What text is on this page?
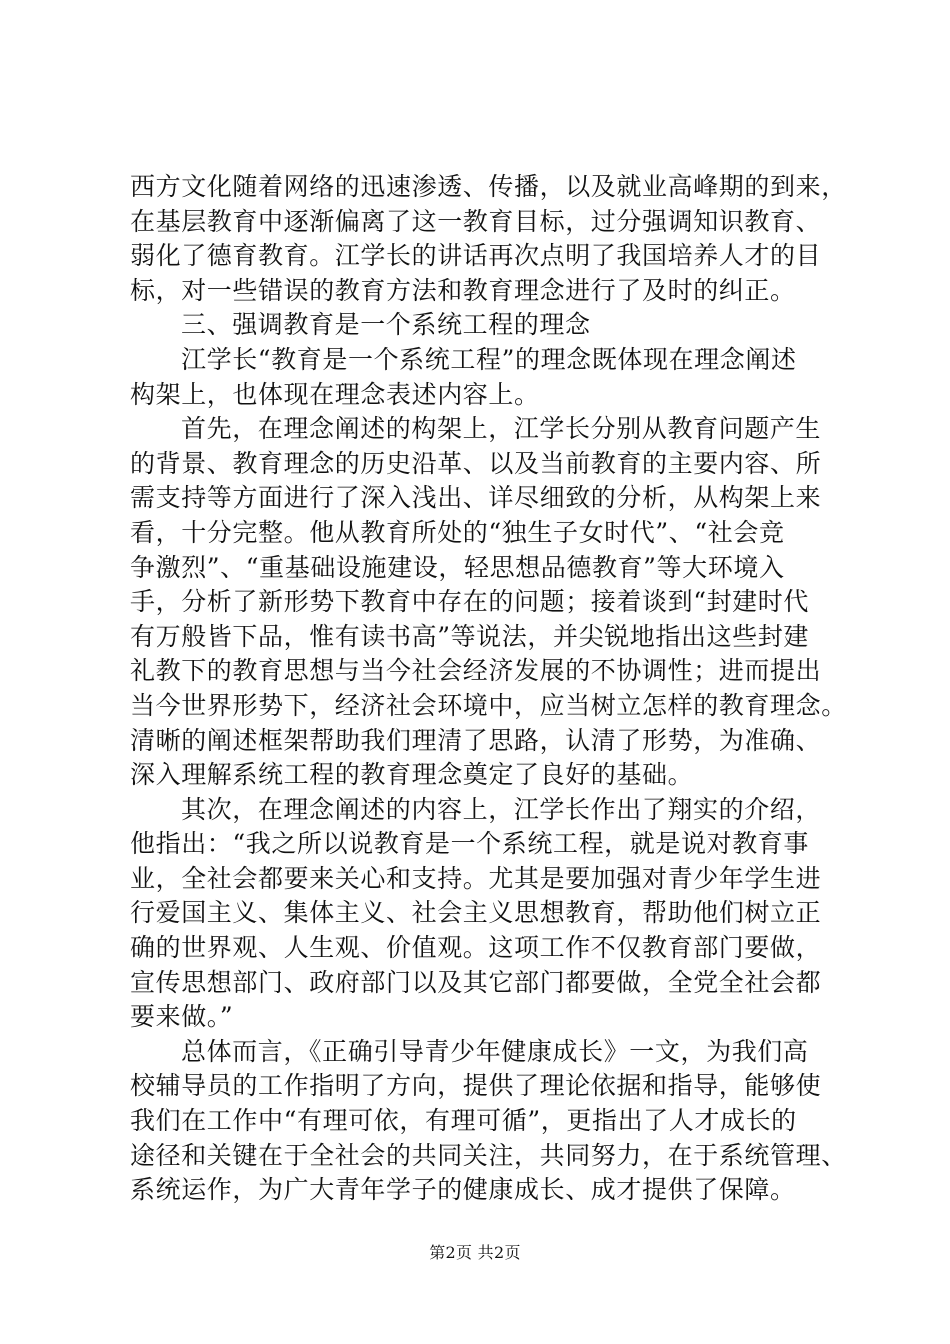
西方文化随着网络的迅速渗透、传播，以及就业高峰期的到来，
在基层教育中逐渐偏离了这一教育目标，过分强调知识教育、
弱化了德育教育。江学长的讲话再次点明了我国培养人才的目
标，对一些错误的教育方法和教育理念进行了及时的纠正。
三、强调教育是一个系统工程的理念
江学长“教育是一个系统工程”的理念既体现在理念阐述
构架上，也体现在理念表述内容上。
首先，在理念阐述的构架上，江学长分别从教育问题产生
的背景、教育理念的历史沿革、以及当前教育的主要内容、所
需支持等方面进行了深入浅出、详尽细致的分析，从构架上来
看，十分完整。他从教育所处的“独生子女时代”、“社会竞
争激烈”、“重基础设施建设，轻思想品德教育”等大环境入
手，分析了新形势下教育中存在的问题；接着谈到“封建时代
有万般皆下品，惟有读书高”等说法，并尖锐地指出这些封建
礼教下的教育思想与当今社会经济发展的不协调性；进而提出
当今世界形势下，经济社会环境中，应当树立怎样的教育理念。
清晰的阐述框架帮助我们理清了思路，认清了形势，为准确、
深入理解系统工程的教育理念奠定了良好的基础。
其次，在理念阐述的内容上，江学长作出了翔实的介绍，
他指出：“我之所以说教育是一个系统工程，就是说对教育事
业，全社会都要来关心和支持。尤其是要加强对青少年学生进
行爱国主义、集体主义、社会主义思想教育，帮助他们树立正
确的世界观、人生观、价值观。这项工作不仅教育部门要做，
宣传思想部门、政府部门以及其它部门都要做，全党全社会都
要来做。”
总体而言，《正确引导青少年健康成长》一文，为我们高
校辅导员的工作指明了方向，提供了理论依据和指导，能够使
我们在工作中“有理可依，有理可循”，更指出了人才成长的
途径和关键在于全社会的共同关注，共同努力，在于系统管理、
系统运作，为广大青年学子的健康成长、成才提供了保障。
第2页 共2页
